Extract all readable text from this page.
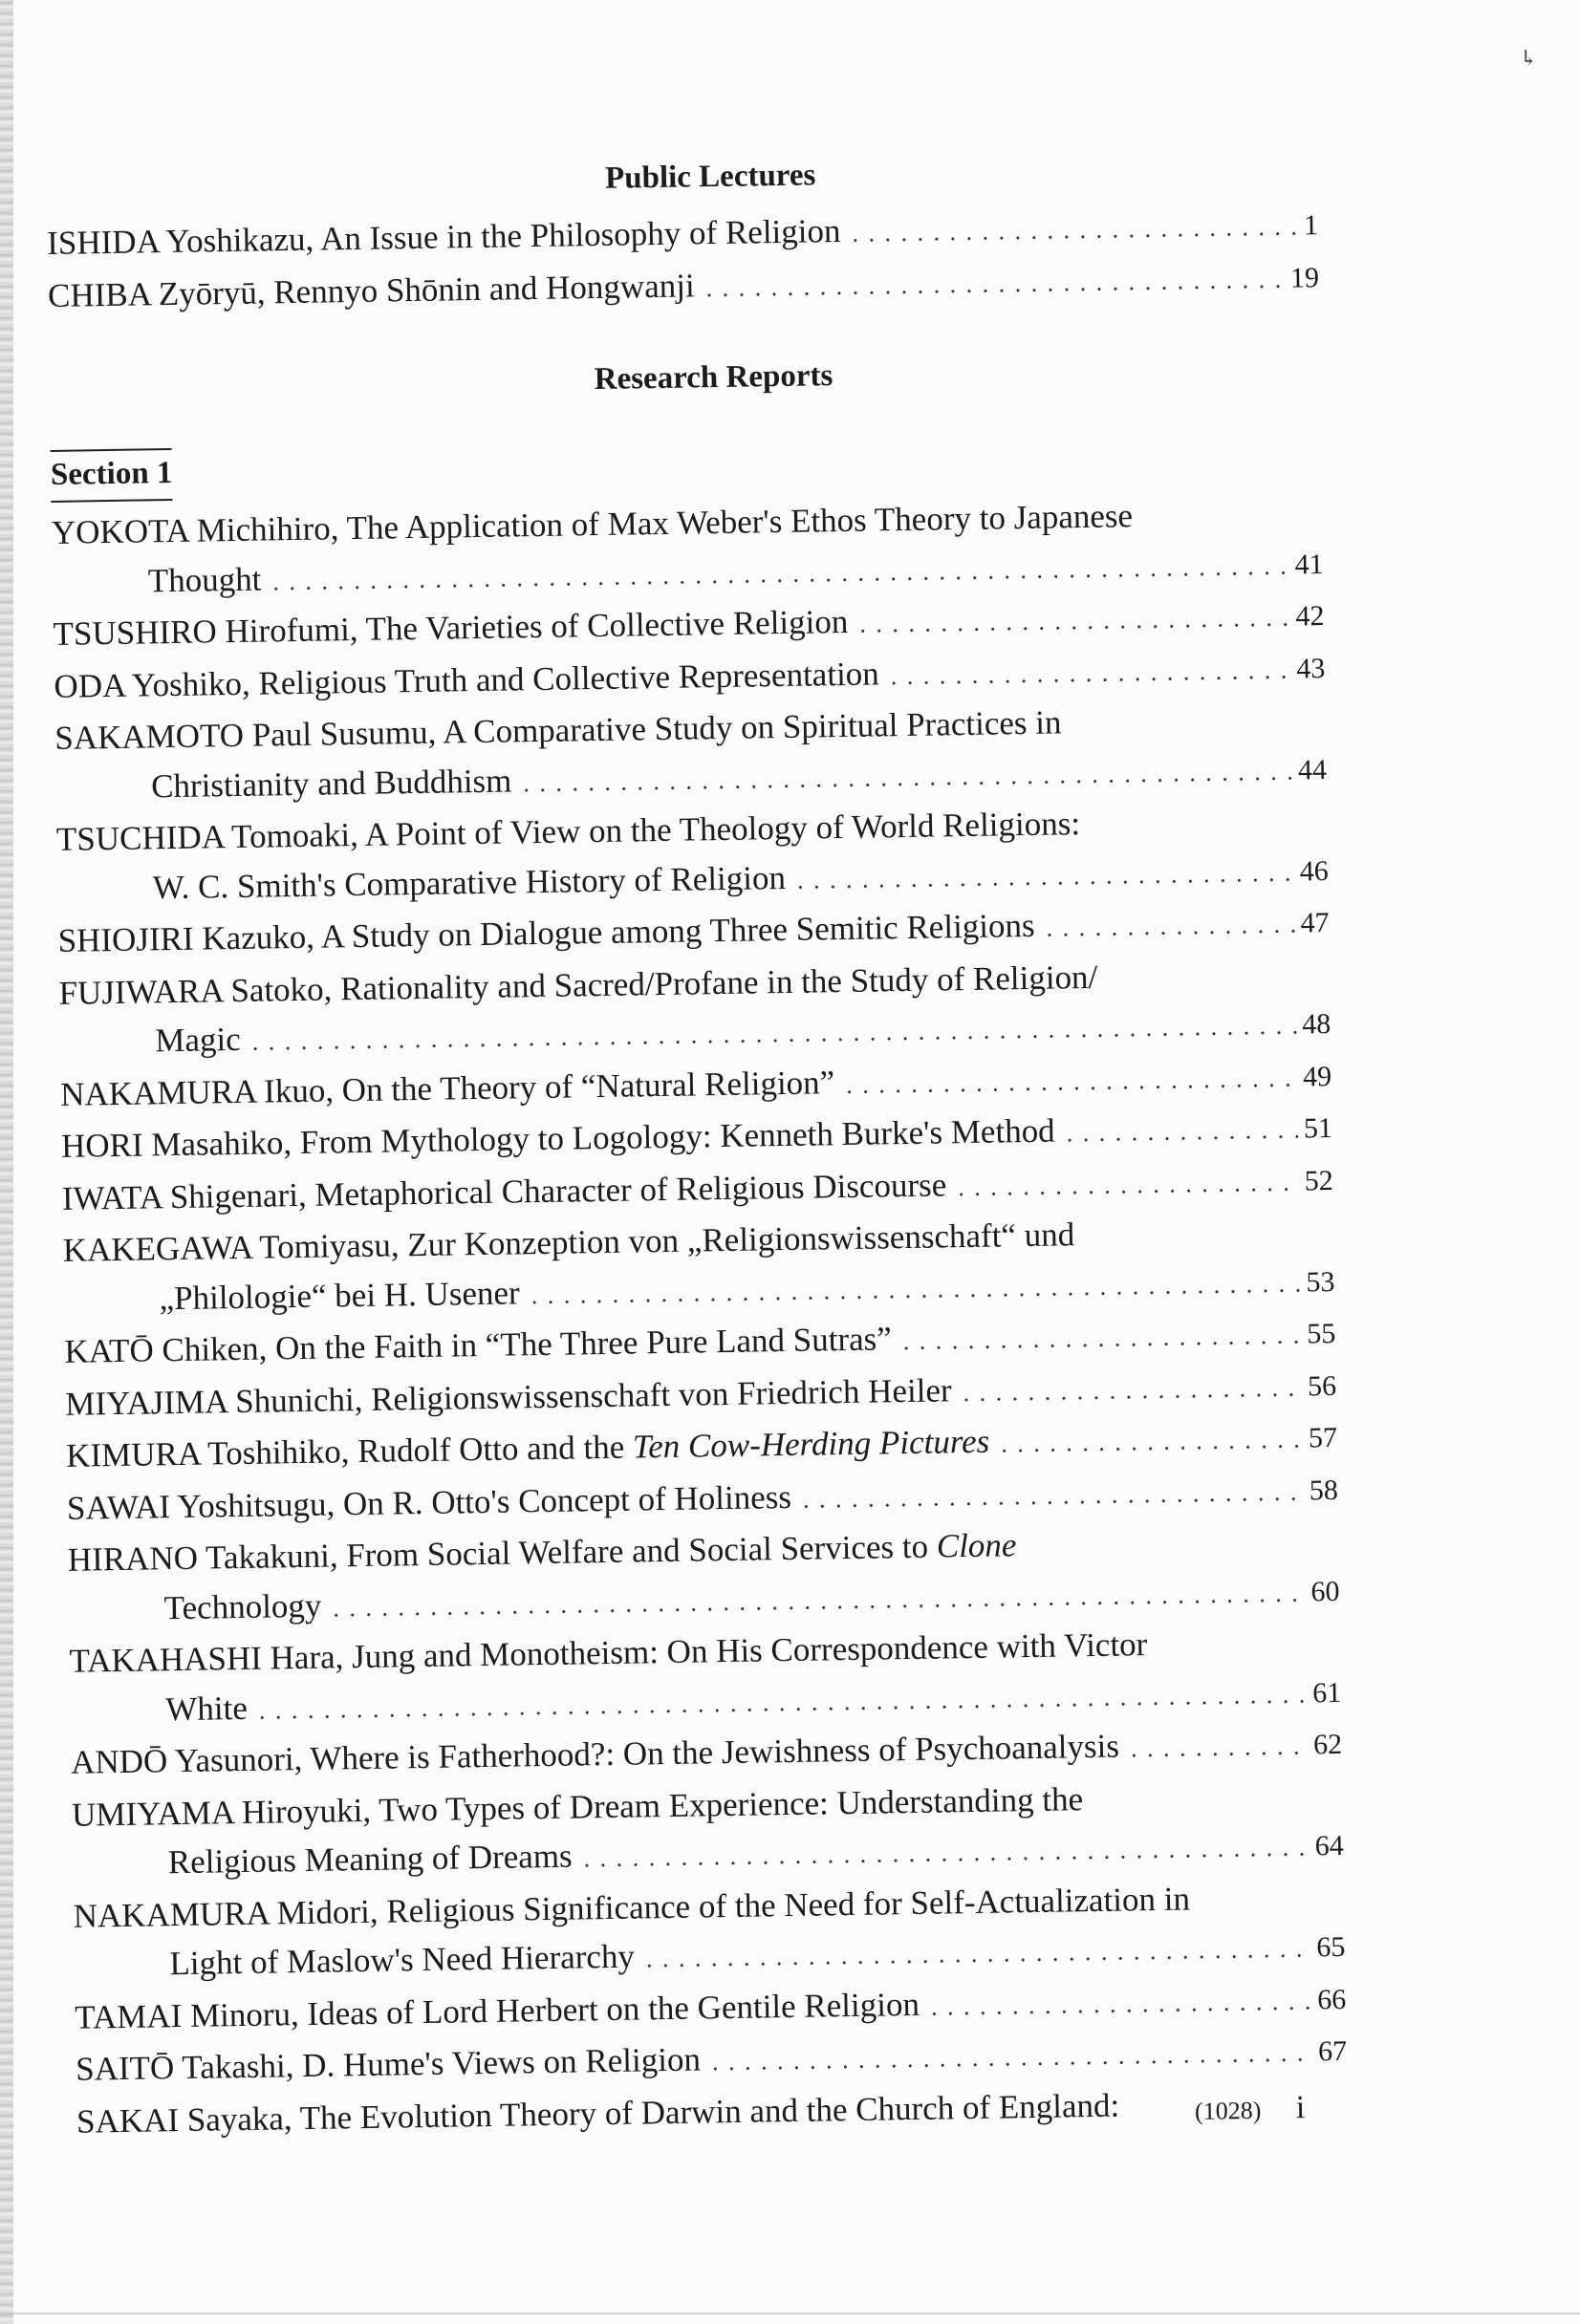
↳
Public Lectures
ISHIDA Yoshikazu, An Issue in the Philosophy of Religion . . .	1
CHIBA Zyōryū, Rennyo Shōnin and Hongwanji . . .	19
Research Reports
Section 1
YOKOTA Michihiro, The Application of Max Weber's Ethos Theory to Japanese
Thought . . .	41
TSUSHIRO Hirofumi, The Varieties of Collective Religion . . .	42
ODA Yoshiko, Religious Truth and Collective Representation . . .	43
SAKAMOTO Paul Susumu, A Comparative Study on Spiritual Practices in
Christianity and Buddhism . . .	44
TSUCHIDA Tomoaki, A Point of View on the Theology of World Religions:
W. C. Smith's Comparative History of Religion . . .	46
SHIOJIRI Kazuko, A Study on Dialogue among Three Semitic Religions . . .	47
FUJIWARA Satoko, Rationality and Sacred/Profane in the Study of Religion/
Magic . . .	48
NAKAMURA Ikuo, On the Theory of “Natural Religion” . . .	49
HORI Masahiko, From Mythology to Logology: Kenneth Burke's Method . . .	51
IWATA Shigenari, Metaphorical Character of Religious Discourse . . .	52
KAKEGAWA Tomiyasu, Zur Konzeption von „Religionswissenschaft“ und
„Philologie“ bei H. Usener . . .	53
KATŌ Chiken, On the Faith in “The Three Pure Land Sutras” . . .	55
MIYAJIMA Shunichi, Religionswissenschaft von Friedrich Heiler . . .	56
KIMURA Toshihiko, Rudolf Otto and the Ten Cow-Herding Pictures . . .	57
SAWAI Yoshitsugu, On R. Otto's Concept of Holiness . . .	58
HIRANO Takakuni, From Social Welfare and Social Services to Clone
Technology . . .	60
TAKAHASHI Hara, Jung and Monotheism: On His Correspondence with Victor
White . . .	61
ANDŌ Yasunori, Where is Fatherhood?: On the Jewishness of Psychoanalysis . . .	62
UMIYAMA Hiroyuki, Two Types of Dream Experience: Understanding the
Religious Meaning of Dreams . . .	64
NAKAMURA Midori, Religious Significance of the Need for Self-Actualization in
Light of Maslow's Need Hierarchy . . .	65
TAMAI Minoru, Ideas of Lord Herbert on the Gentile Religion . . .	66
SAITŌ Takashi, D. Hume's Views on Religion . . .	67
SAKAI Sayaka, The Evolution Theory of Darwin and the Church of England:	(1028) i
